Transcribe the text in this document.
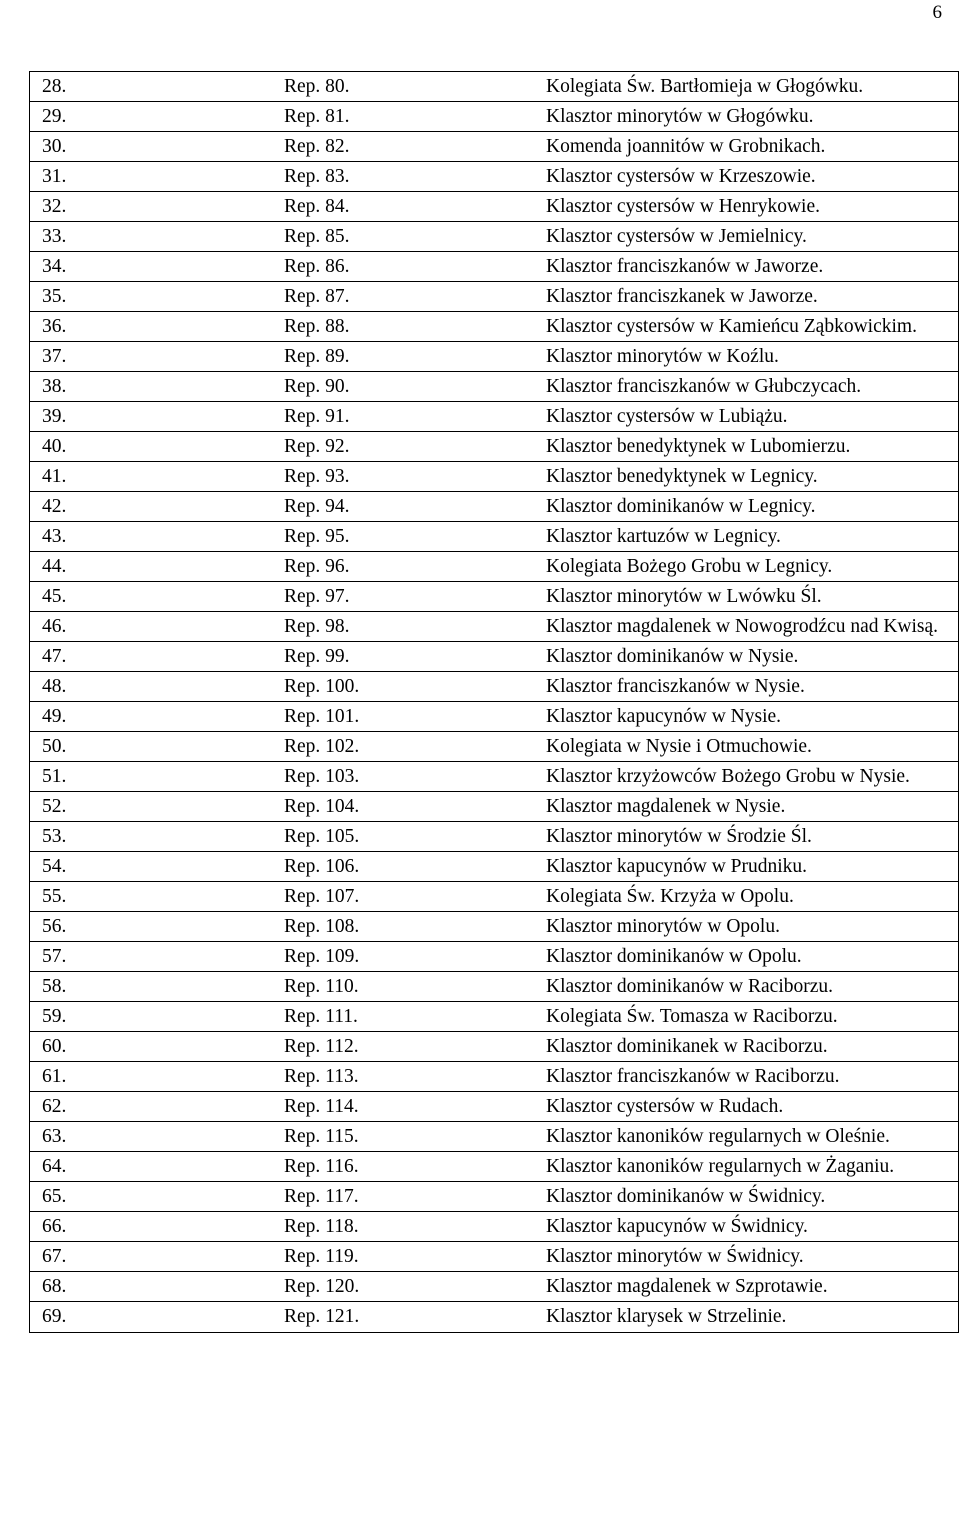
6
28.	Rep. 80.	Kolegiata Św. Bartłomieja w Głogówku.
29.	Rep. 81.	Klasztor minorytów w Głogówku.
30.	Rep. 82.	Komenda joannitów w Grobnikach.
31.	Rep. 83.	Klasztor cystersów w Krzeszowie.
32.	Rep. 84.	Klasztor cystersów w Henrykowie.
33.	Rep. 85.	Klasztor cystersów w Jemielnicy.
34.	Rep. 86.	Klasztor franciszkanów w Jaworze.
35.	Rep. 87.	Klasztor franciszkanek w Jaworze.
36.	Rep. 88.	Klasztor cystersów w Kamieńcu Ząbkowickim.
37.	Rep. 89.	Klasztor minorytów w Koźlu.
38.	Rep. 90.	Klasztor franciszkanów w Głubczycach.
39.	Rep. 91.	Klasztor cystersów w Lubiążu.
40.	Rep. 92.	Klasztor benedyktynek w Lubomierzu.
41.	Rep. 93.	Klasztor benedyktynek w Legnicy.
42.	Rep. 94.	Klasztor dominikanów w Legnicy.
43.	Rep. 95.	Klasztor kartuzów w Legnicy.
44.	Rep. 96.	Kolegiata Bożego Grobu w Legnicy.
45.	Rep. 97.	Klasztor minorytów w Lwówku Śl.
46.	Rep. 98.	Klasztor magdalenek w Nowogrodźcu nad Kwisą.
47.	Rep. 99.	Klasztor dominikanów w Nysie.
48.	Rep. 100.	Klasztor franciszkanów w Nysie.
49.	Rep. 101.	Klasztor kapucynów w Nysie.
50.	Rep. 102.	Kolegiata w Nysie i Otmuchowie.
51.	Rep. 103.	Klasztor krzyżowców Bożego Grobu w Nysie.
52.	Rep. 104.	Klasztor magdalenek w Nysie.
53.	Rep. 105.	Klasztor minorytów w Środzie Śl.
54.	Rep. 106.	Klasztor kapucynów w Prudniku.
55.	Rep. 107.	Kolegiata Św. Krzyża w Opolu.
56.	Rep. 108.	Klasztor minorytów w Opolu.
57.	Rep. 109.	Klasztor dominikanów w Opolu.
58.	Rep. 110.	Klasztor dominikanów w Raciborzu.
59.	Rep. 111.	Kolegiata Św. Tomasza w Raciborzu.
60.	Rep. 112.	Klasztor dominikanek w Raciborzu.
61.	Rep. 113.	Klasztor franciszkanów w Raciborzu.
62.	Rep. 114.	Klasztor cystersów w Rudach.
63.	Rep. 115.	Klasztor kanoników regularnych w Oleśnie.
64.	Rep. 116.	Klasztor kanoników regularnych w Żaganiu.
65.	Rep. 117.	Klasztor dominikanów w Świdnicy.
66.	Rep. 118.	Klasztor kapucynów w Świdnicy.
67.	Rep. 119.	Klasztor minorytów w Świdnicy.
68.	Rep. 120.	Klasztor magdalenek w Szprotawie.
69.	Rep. 121.	Klasztor klarysek w Strzelinie.
